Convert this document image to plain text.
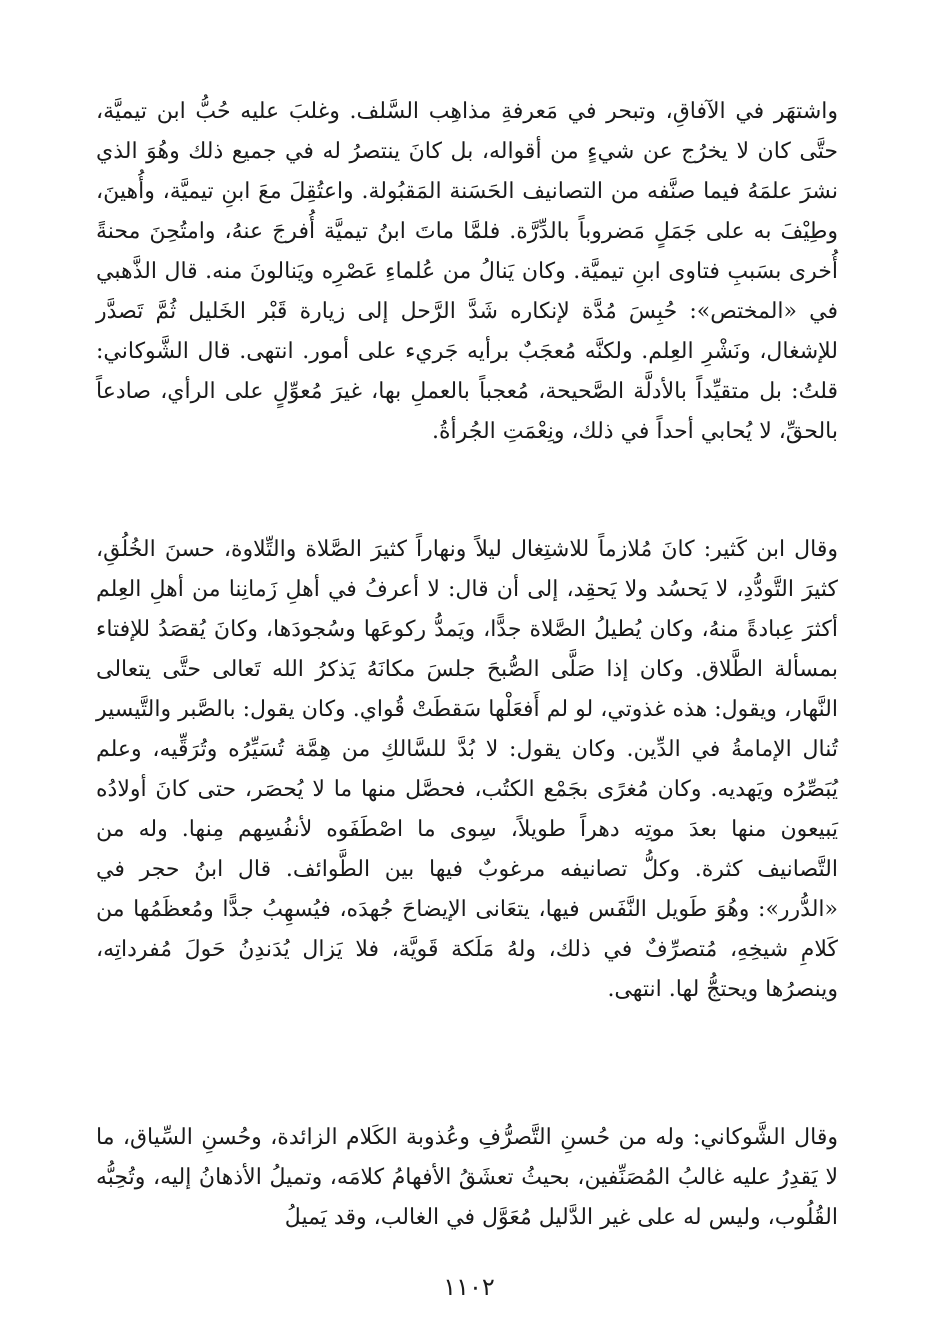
واشتهَر في الآفاقِ، وتبحر في مَعرفةِ مذاهِب السَّلف. وغلبَ عليه حُبُّ ابن تيميَّة، حتَّى كان لا يخرُج عن شيءٍ من أقواله، بل كانَ ينتصرُ له في جميع ذلك وهُوَ الذي نشرَ علمَهُ فيما صنَّفه من التصانيف الحَسَنة المَقبُولة. واعتُقِلَ معَ ابنِ تيميَّة، وأُهينَ، وطِيْفَ به على جَمَلٍ مَضروباً بالدِّرَّة. فلمَّا ماتَ ابنُ تيميَّة أُفرجَ عنهُ، وامتُحِنَ محنةً أُخرى بسَببِ فتاوى ابنِ تيميَّة. وكان يَنالُ من عُلماءِ عَصْرِه ويَنالونَ منه. قال الذَّهبي في «المختص»: حُبِسَ مُدَّة لإنكاره شَدَّ الرَّحل إلى زيارة قَبْر الخَليل ثُمَّ تَصدَّر للإشغال، ونَشْرِ العِلم. ولكنَّه مُعجَبٌ برأيه جَريء على أمور. انتهى. قال الشَّوكاني: قلتُ: بل متقيِّداً بالأدلَّة الصَّحيحة، مُعجباً بالعملِ بها، غيرَ مُعوِّلٍ على الرأي، صادعاً بالحقِّ، لا يُحابي أحداً في ذلك، ونِعْمَتِ الجُرأةُ.

وقال ابن كَثير: كانَ مُلازماً للاشتِغال ليلاً ونهاراً كثيرَ الصَّلاة والتِّلاوة، حسنَ الخُلُقِ، كثيرَ التَّودُّدِ، لا يَحسُد ولا يَحقِد، إلى أن قال: لا أعرفُ في أهلِ زَمانِنا من أهلِ العِلم أكثرَ عِبادةً منهُ، وكان يُطيلُ الصَّلاة جدًّا، ويَمدُّ ركوعَها وسُجودَها، وكانَ يُقصَدُ للإفتاء بمسألة الطَّلاق. وكان إذا صَلَّى الصُّبحَ جلسَ مكانَهُ يَذكرُ الله تَعالى حتَّى يتعالى النَّهار، ويقول: هذه غذوتي، لو لم أَفعَلْها سَقطَتْ قُواي. وكان يقول: بالصَّبر والتَّيسير تُنال الإمامةُ في الدِّين. وكان يقول: لا بُدَّ للسَّالكِ من هِمَّة تُسَيِّرُه وتُرَقِّيه، وعلم يُبَصِّرُه ويَهديه. وكان مُغرًى بجَمْع الكتُب، فحصَّل منها ما لا يُحصَر، حتى كانَ أولادُه يَبيعون منها بعدَ موتِه دهراً طويلاً، سِوى ما اصْطَفَوه لأنفُسِهم مِنها. وله من التَّصانيف كثرة. وكلُّ تصانيفه مرغوبٌ فيها بين الطَّوائف. قال ابنُ حجر في «الدُّرر»: وهُوَ طَويل النَّفَس فيها، يتعَانى الإيضاحَ جُهدَه، فيُسهِبُ جدًّا ومُعظَمُها من كَلامِ شيخِهِ، مُتصرِّفٌ في ذلك، ولهُ مَلَكة قَويَّة، فلا يَزال يُدَندِنُ حَولَ مُفرداتِه، وينصرُها ويحتجُّ لها. انتهى.

وقال الشَّوكاني: وله من حُسنِ التَّصرُّفِ وعُذوبة الكَلام الزائدة، وحُسنِ السِّياق، ما لا يَقدِرُ عليه غالبُ المُصَنِّفين، بحيثُ تعشَقُ الأفهامُ كلامَه، وتميلُ الأذهانُ إليه، وتُحِبُّه القُلُوب، وليس له على غير الدَّليل مُعَوَّل في الغالب، وقد يَميلُ

١١٠٢
